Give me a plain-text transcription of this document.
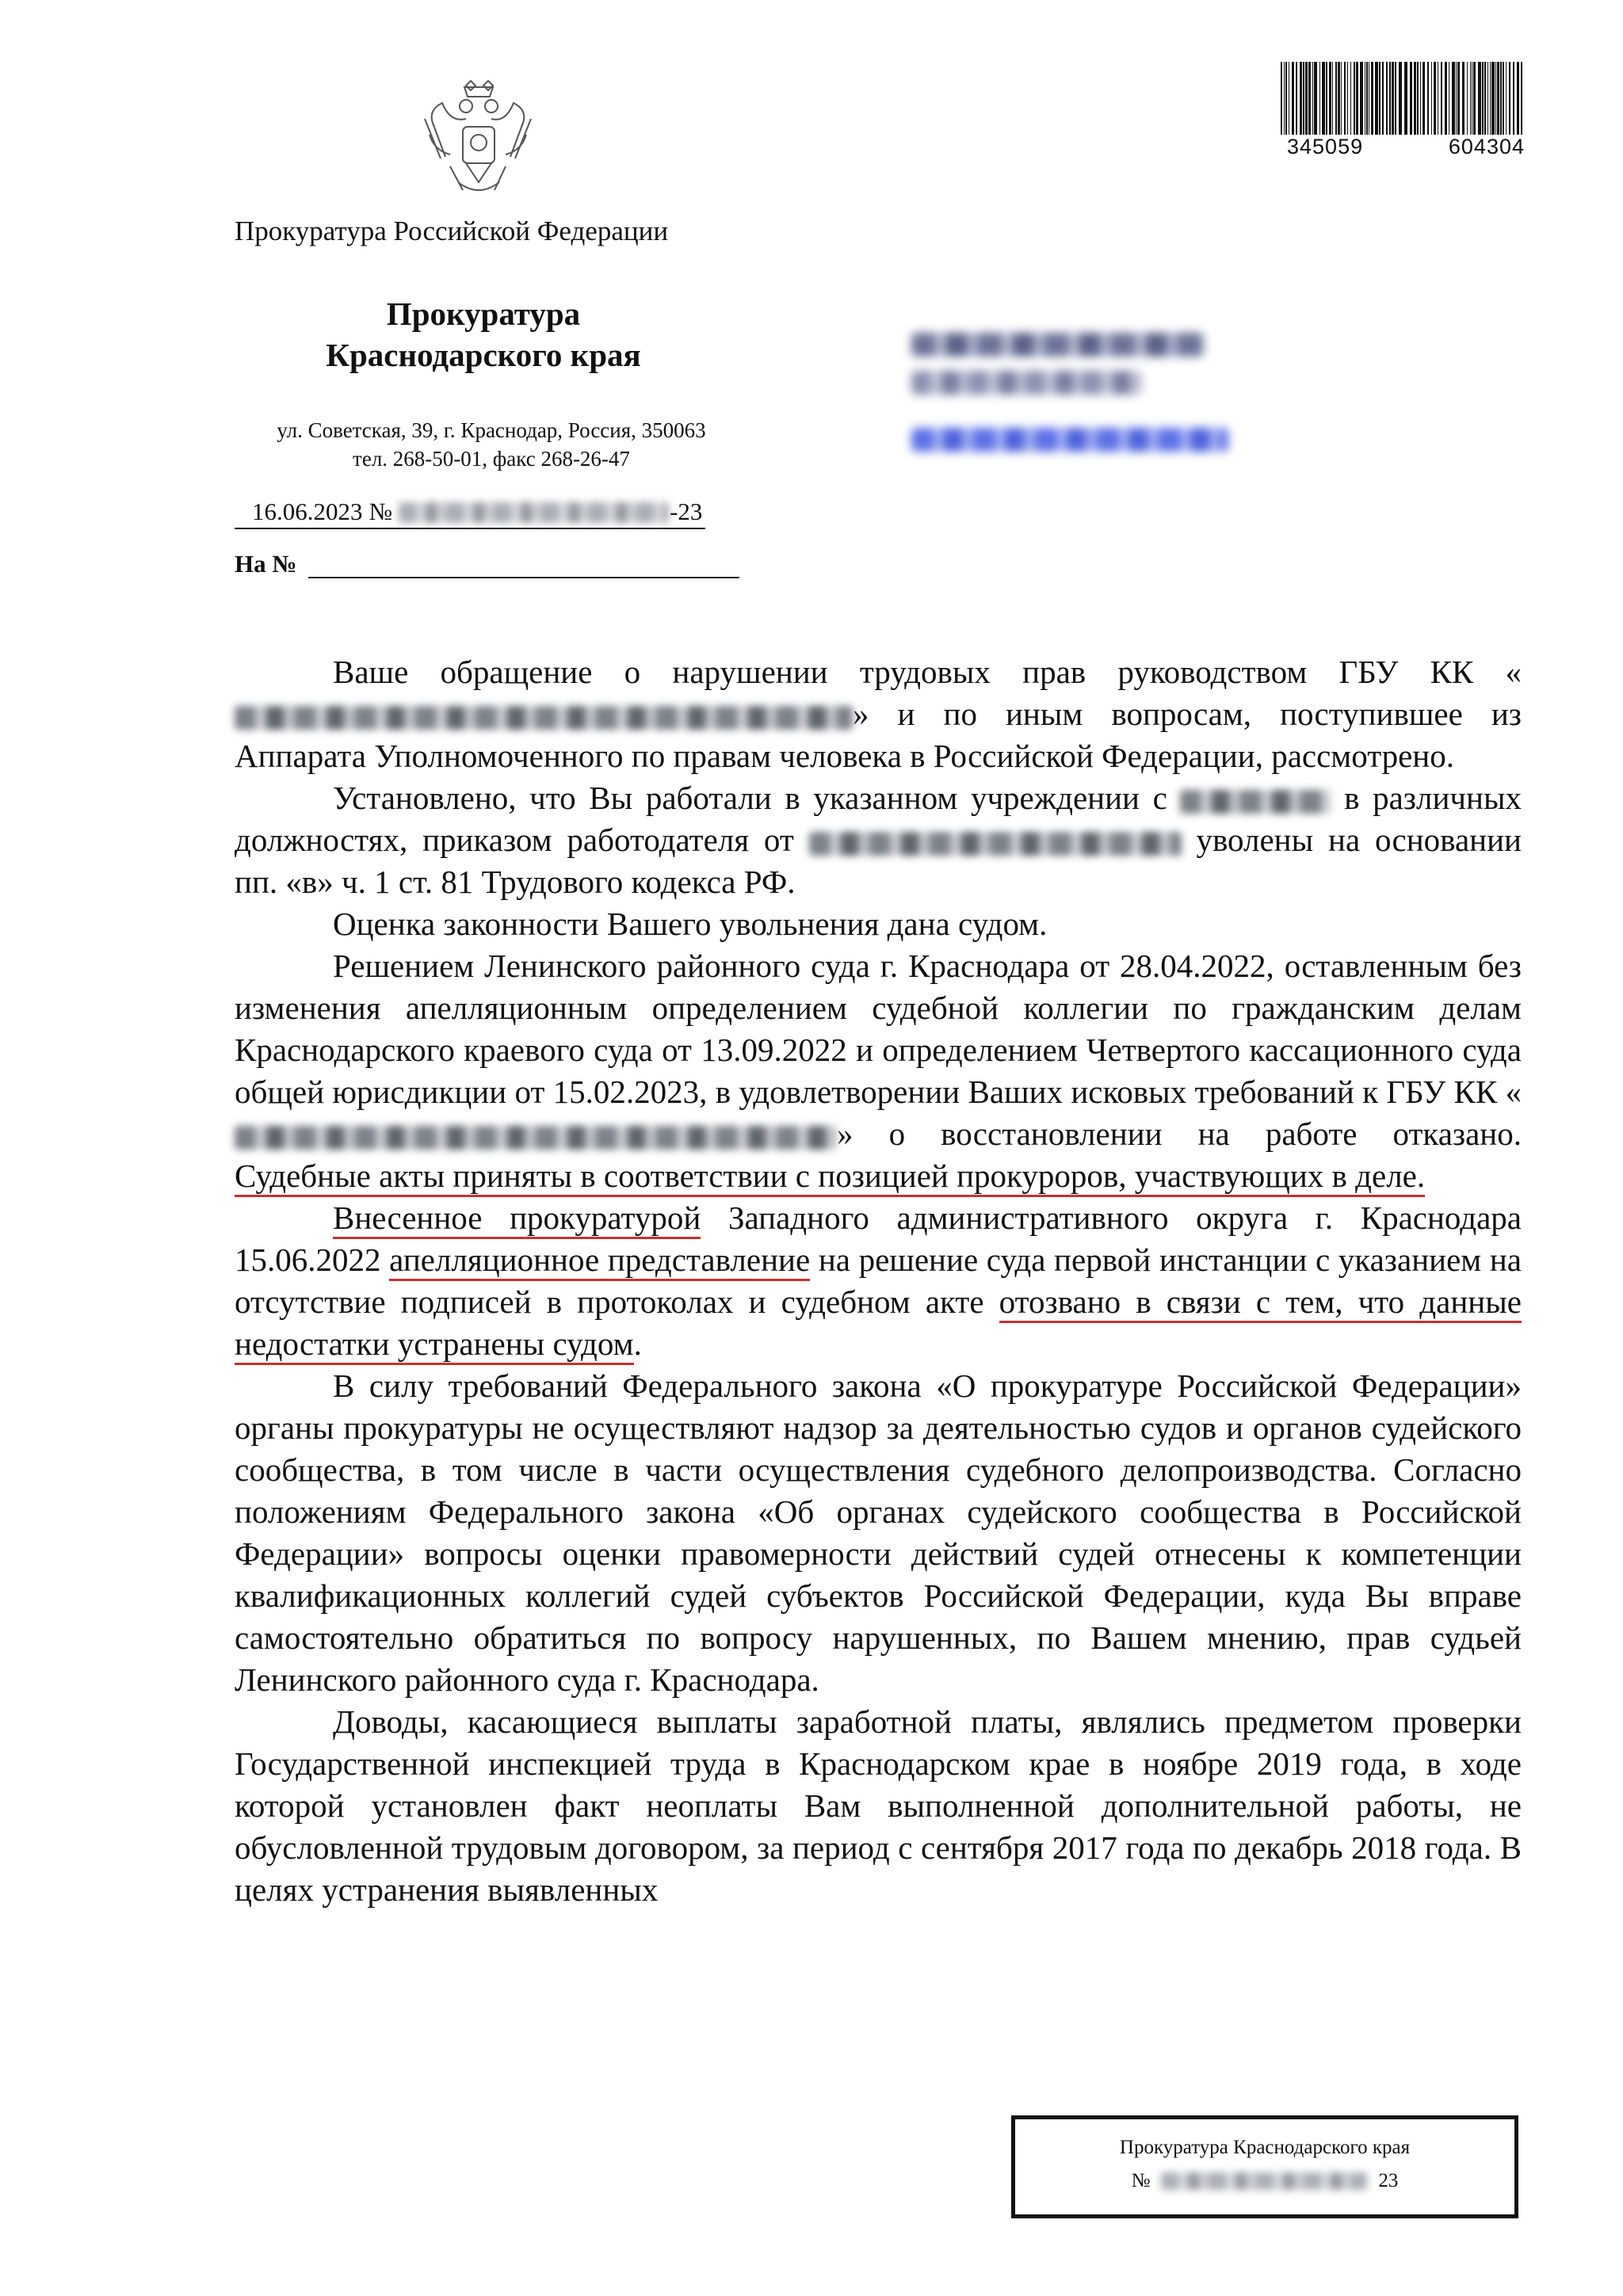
345059	604304
Прокуратура Российской Федерации
Прокуратура
Краснодарского края
ул. Советская, 39, г. Краснодар, Россия, 350063
тел. 268-50-01, факс 268-26-47
16.06.2023 №	-23
На №

Ваше обращение о нарушении трудовых прав руководством ГБУ КК «» и по иным вопросам, поступившее из Аппарата Уполномоченного по правам человека в Российской Федерации, рассмотрено.

Установлено, что Вы работали в указанном учреждении с	в различных должностях, приказом работодателя от	уволены на основании пп. «в» ч. 1 ст. 81 Трудового кодекса РФ.

Оценка законности Вашего увольнения дана судом.

Решением Ленинского районного суда г. Краснодара от 28.04.2022, оставленным без изменения апелляционным определением судебной коллегии по гражданским делам Краснодарского краевого суда от 13.09.2022 и определением Четвертого кассационного суда общей юрисдикции от 15.02.2023, в удовлетворении Ваших исковых требований к ГБУ КК «» о восстановлении на работе отказано. Судебные акты приняты в соответствии с позицией прокуроров, участвующих в деле.

Внесенное прокуратурой Западного административного округа г. Краснодара 15.06.2022 апелляционное представление на решение суда первой инстанции с указанием на отсутствие подписей в протоколах и судебном акте отозвано в связи с тем, что данные недостатки устранены судом.

В силу требований Федерального закона «О прокуратуре Российской Федерации» органы прокуратуры не осуществляют надзор за деятельностью судов и органов судейского сообщества, в том числе в части осуществления судебного делопроизводства. Согласно положениям Федерального закона «Об органах судейского сообщества в Российской Федерации» вопросы оценки правомерности действий судей отнесены к компетенции квалификационных коллегий судей субъектов Российской Федерации, куда Вы вправе самостоятельно обратиться по вопросу нарушенных, по Вашем мнению, прав судьей Ленинского районного суда г. Краснодара.

Доводы, касающиеся выплаты заработной платы, являлись предметом проверки Государственной инспекцией труда в Краснодарском крае в ноябре 2019 года, в ходе которой установлен факт неоплаты Вам выполненной дополнительной работы, не обусловленной трудовым договором, за период с сентября 2017 года по декабрь 2018 года. В целях устранения выявленных

Прокуратура Краснодарского края
№	23
